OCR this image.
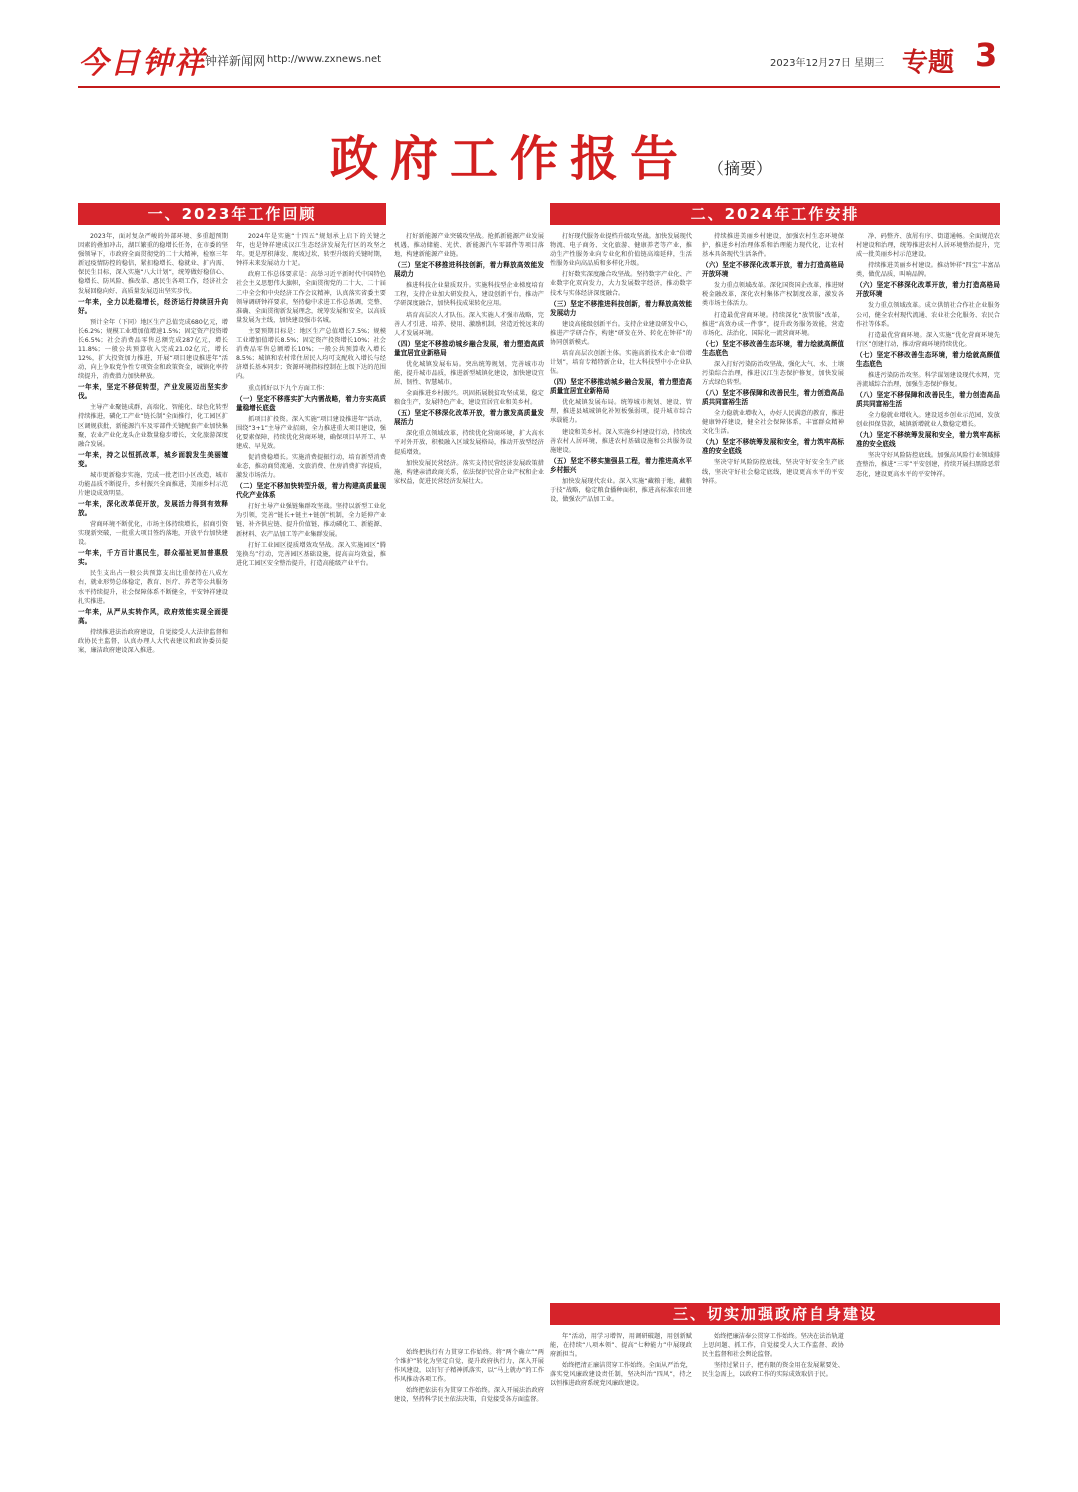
今日钟祥 钟祥新闻网 http://www.zxnews.net	2023年12月27日 星期三 专题 3
政府工作报告 （摘要）
一、2023年工作回顾	二、2024年工作安排
三、切实加强政府自身建设

2023年，面对复杂严峻的外部环境、多重超预期因素的叠加冲击，湖巨繁重的稳增长任务，在市委的坚强领导下，市政府全面贯彻党的二十大精神，检察三年新冠疫情防控的稳信，紧扣稳增长、稳就业、扩内需、保民生目标，深入实施“八大计划”，统筹做好稳信心、稳增长、防风险、推改革、惠民生各项工作，经济社会发展回稳向好、高质量发展迈出坚实步伐。

一年来，全力以赴稳增长，经济运行持续回升向好。

预计全年（下同）地区生产总值完成680亿元，增长6.2%；规模工业增加值增速1.5%；固定资产投资增长6.5%；社会消费品零售总额完成287亿元，增长11.8%；一般公共预算收入完成21.02亿元，增长12%，扩大投资加力推进，开展“项目建设推进年”活动，向上争取党争性专项资金和政策资金，城镇化率持续提升，消费潜力加快释放。

一年来，坚定不移促转型，产业发展迈出坚实步伐。

主导产业聚链成群，高端化、智能化、绿色化转型持续推进，磷化工产业“链长制”全面推行，化工园区扩区调规获批，新能源汽车及零部件关键配套产业加快集聚，农业产业化龙头企业数量稳步增长，文化旅游深度融合发展。

一年来，持之以恒抓改革，城乡面貌发生美丽嬗变。

城市更新稳步实施，完成一批老旧小区改造，城市功能品质不断提升，乡村振兴全面推进，美丽乡村示范片建设成效明显。

一年来，深化改革促开放，发展活力得到有效释放。

营商环境不断优化，市场主体持续增长，招商引资实现新突破，一批重大项目签约落地，开放平台加快建设。

一年来，千方百计惠民生，群众福祉更加普惠殷实。

民生支出占一般公共预算支出比重保持在八成左右，就业形势总体稳定，教育、医疗、养老等公共服务水平持续提升，社会保障体系不断健全，平安钟祥建设扎实推进。

一年来，从严从实转作风，政府效能实现全面提高。

持续推进法治政府建设，自觉接受人大法律监督和政协民主监督，认真办理人大代表建议和政协委员提案，廉洁政府建设深入推进。

2024年是实施“十四五”规划承上启下的关键之年，也是钟祥建成汉江生态经济发展先行区的攻坚之年。更是厚积薄发、爬坡过坎、转型升级的关键时期，钟祥未来发展动力十足。

政府工作总体要求是：高举习近平新时代中国特色社会主义思想伟大旗帜，全面贯彻党的二十大、二十届二中全会和中央经济工作会议精神，认真落实省委主要领导调研钟祥要求，坚持稳中求进工作总基调，完整、准确、全面贯彻新发展理念，统筹发展和安全，以高质量发展为主线，加快建设强市名城。

主要预期目标是：地区生产总值增长7.5%；规模工业增加值增长8.5%；固定资产投资增长10%；社会消费品零售总额增长10%；一般公共预算收入增长8.5%；城镇和农村常住居民人均可支配收入增长与经济增长基本同步；资源环境指标控制在上级下达的范围内。

重点抓好以下九个方面工作：

（一）坚定不移落实扩大内需战略，着力夯实高质量稳增长底盘

抓项目扩投资。深入实施“项目建设推进年”活动，围绕“3+1”主导产业招商，全力推进重大项目建设，强化要素保障，持续优化营商环境，确保项目早开工、早建成、早见效。

促消费稳增长。实施消费提振行动，培育新型消费业态，推动商贸流通、文旅消费、住房消费扩容提质，激发市场活力。

（二）坚定不移加快转型升级，着力构建高质量现代化产业体系

打好主导产业强链集群攻坚战。坚持以新型工业化为引领，完善“链长+链主+链创”机制，全力延伸产业链、补齐供应链、提升价值链，推动磷化工、新能源、新材料、农产品加工等产业集群发展。

打好工业园区提质增效攻坚战。深入实施园区“腾笼换鸟”行动，完善园区基础设施，提高亩均效益，推进化工园区安全整治提升，打造高能级产业平台。

打好新能源产业突破攻坚战。抢抓新能源产业发展机遇，推动储能、光伏、新能源汽车零部件等项目落地，构建新能源产业链。

（三）坚定不移推进科技创新，着力释放高效能发展动力

推进科技企业量质双升。实施科技型企业梯度培育工程，支持企业加大研发投入，建设创新平台，推动产学研深度融合，加快科技成果转化应用。

培育高层次人才队伍。深入实施人才强市战略，完善人才引进、培养、使用、激励机制，营造近悦远来的人才发展环境。

（四）坚定不移推动城乡融合发展，着力塑造高质量宜居宜业新格局

优化城镇发展布局。突出统筹规划，完善城市功能，提升城市品质，推进新型城镇化建设，加快建设宜居、韧性、智慧城市。

全面推进乡村振兴。巩固拓展脱贫攻坚成果，稳定粮食生产，发展特色产业，建设宜居宜业和美乡村。

（五）坚定不移深化改革开放，着力激发高质量发展活力

深化重点领域改革，持续优化营商环境，扩大高水平对外开放，积极融入区域发展格局，推动开放型经济提质增效。

加快发展民营经济。落实支持民营经济发展政策措施，构建亲清政商关系，依法保护民营企业产权和企业家权益，促进民营经济发展壮大。

打好现代服务业提档升级攻坚战。加快发展现代物流、电子商务、文化旅游、健康养老等产业，推动生产性服务业向专业化和价值链高端延伸，生活性服务业向高品质和多样化升级。

打好数实深度融合攻坚战。坚持数字产业化、产业数字化双向发力，大力发展数字经济，推动数字技术与实体经济深度融合。

（三）坚定不移推进科技创新，着力释放高效能发展动力

建设高能级创新平台。支持企业建设研发中心，推进产学研合作，构建“研发在外、转化在钟祥”的协同创新模式。

培育高层次创新主体。实施高新技术企业“倍增计划”，培育专精特新企业，壮大科技型中小企业队伍。

（四）坚定不移推动城乡融合发展，着力塑造高质量宜居宜业新格局

优化城镇发展布局。统筹城市规划、建设、管理，推进县城城镇化补短板强弱项，提升城市综合承载能力。

建设和美乡村。深入实施乡村建设行动，持续改善农村人居环境，推进农村基础设施和公共服务设施建设。

（五）坚定不移实施强县工程，着力推进高水平乡村振兴

加快发展现代农业。深入实施“藏粮于地、藏粮于技”战略，稳定粮食播种面积，推进高标准农田建设，做强农产品加工业。

持续推进美丽乡村建设，加强农村生态环境保护，推进乡村治理体系和治理能力现代化，让农村基本具备现代生活条件。

（六）坚定不移深化改革开放，着力打造高格局开放环境

发力重点领域改革。深化国资国企改革，推进财税金融改革，深化农村集体产权制度改革，激发各类市场主体活力。

打造最优营商环境。持续深化“放管服”改革，推进“高效办成一件事”，提升政务服务效能，营造市场化、法治化、国际化一流营商环境。

（七）坚定不移改善生态环境，着力绘就高颜值生态底色

深入打好污染防治攻坚战，强化大气、水、土壤污染综合治理，推进汉江生态保护修复，加快发展方式绿色转型。

（八）坚定不移保障和改善民生，着力创造高品质共同富裕生活

全力稳就业增收入，办好人民满意的教育，推进健康钟祥建设，健全社会保障体系，丰富群众精神文化生活。

（九）坚定不移统筹发展和安全，着力筑牢高标准的安全底线

坚决守好风险防控底线，坚决守好安全生产底线，坚决守好社会稳定底线，建设更高水平的平安钟祥。

净、码整齐、放屑有序、街道通畅。全面规范农村建设和治理，统筹推进农村人居环境整治提升，完成一批美丽乡村示范建设。

持续推进美丽乡村建设。推动钟祥“四宝”丰富品类，做优品质，叫响品牌。

（六）坚定不移深化改革开放，着力打造高格局开放环境

发力重点领域改革。成立供销社合作社企业服务公司，健全农村现代流通、农业社会化服务、农民合作社等体系。

打造最优营商环境。深入实施“优化营商环境先行区”创建行动，推动营商环境持续优化。

（七）坚定不移改善生态环境，着力绘就高颜值生态底色

推进污染防治攻坚。科学谋划建设现代水网，完善流域综合治理，加强生态保护修复。

（八）坚定不移保障和改善民生，着力创造高品质共同富裕生活

全力稳就业增收入。建设返乡创业示范园，发放创业担保贷款，城镇新增就业人数稳定增长。

（九）坚定不移统筹发展和安全，着力筑牢高标准的安全底线

坚决守好风险防控底线。加强高风险行业领域排查整治，推进“三零”平安创建，持续开展扫黑除恶常态化，建设更高水平的平安钟祥。

始终把执行有力贯穿工作始终。将“两个确立”“两个维护”转化为坚定自觉，提升政府执行力，深入开展作风建设，以钉钉子精神抓落实，以“马上就办”的工作作风推动各项工作。

始终把依法有为贯穿工作始终。深入开展法治政府建设，坚持科学民主依法决策，自觉接受各方面监督。

年”活动，用学习增智，用调研破题，用创新赋能，在持续“八项本领”、提高“七种能力”中展现政府新担当。

始终把清正廉洁贯穿工作始终。全面从严治党，落实党风廉政建设责任制，坚决纠治“四风”，持之以恒推进政府系统党风廉政建设。

始终把廉洁奉公贯穿工作始终。坚决在法治轨道上思问题、抓工作，自觉接受人大工作监督、政协民主监督和社会舆论监督。

坚持过紧日子，把有限的资金用在发展紧要处、民生急需上，以政府工作的实际成效取信于民。
